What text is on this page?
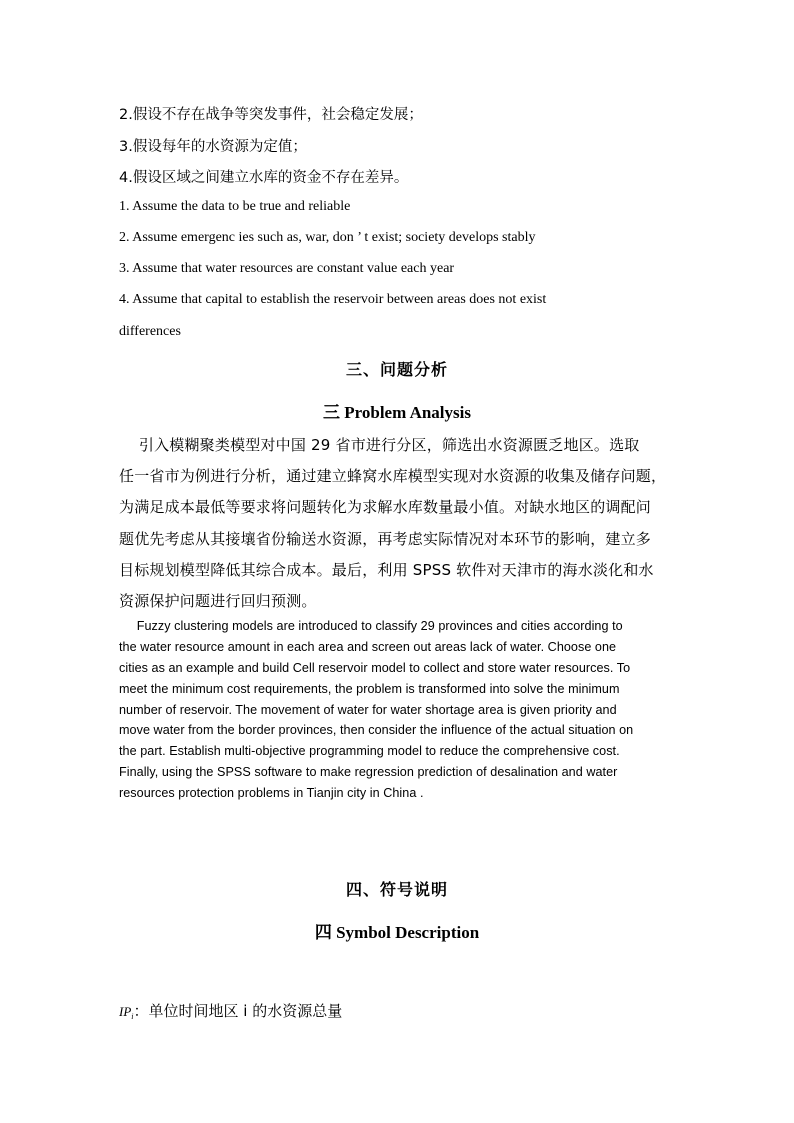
2.假设不存在战争等突发事件，社会稳定发展；
3.假设每年的水资源为定值；
4.假设区域之间建立水库的资金不存在差异。
1. Assume the data to be true and reliable
2. Assume emergenc ies such as, war, don ’ t exist; society develops stably
3. Assume that water resources are constant value each year
4. Assume that capital to establish the reservoir between areas does not exist
differences
三、问题分析
三 Problem Analysis
引入模糊聚类模型对中国 29 省市进行分区，筛选出水资源匮乏地区。选取
任一省市为例进行分析，通过建立蜂窝水库模型实现对水资源的收集及储存问题，
为满足成本最低等要求将问题转化为求解水库数量最小值。对缺水地区的调配问
题优先考虑从其接壤省份输送水资源，再考虑实际情况对本环节的影响，建立多
目标规划模型降低其综合成本。最后，利用 SPSS 软件对天津市的海水淡化和水
资源保护问题进行回归预测。
Fuzzy clustering models are introduced to classify 29 provinces and cities according to
the water resource amount in each area and screen out areas lack of water. Choose one
cities as an example and build Cell reservoir model to collect and store water resources. To
meet the minimum cost requirements, the problem is transformed into solve the minimum
number of reservoir. The movement of water for water shortage area is given priority and
move water from the border provinces, then consider the influence of the actual situation on
the part. Establish multi-objective programming model to reduce the comprehensive cost.
Finally, using the SPSS software to make regression prediction of desalination and water
resources protection problems in Tianjin city in China .
四、符号说明
四 Symbol Description
$IP_i$：单位时间地区 i 的水资源总量
